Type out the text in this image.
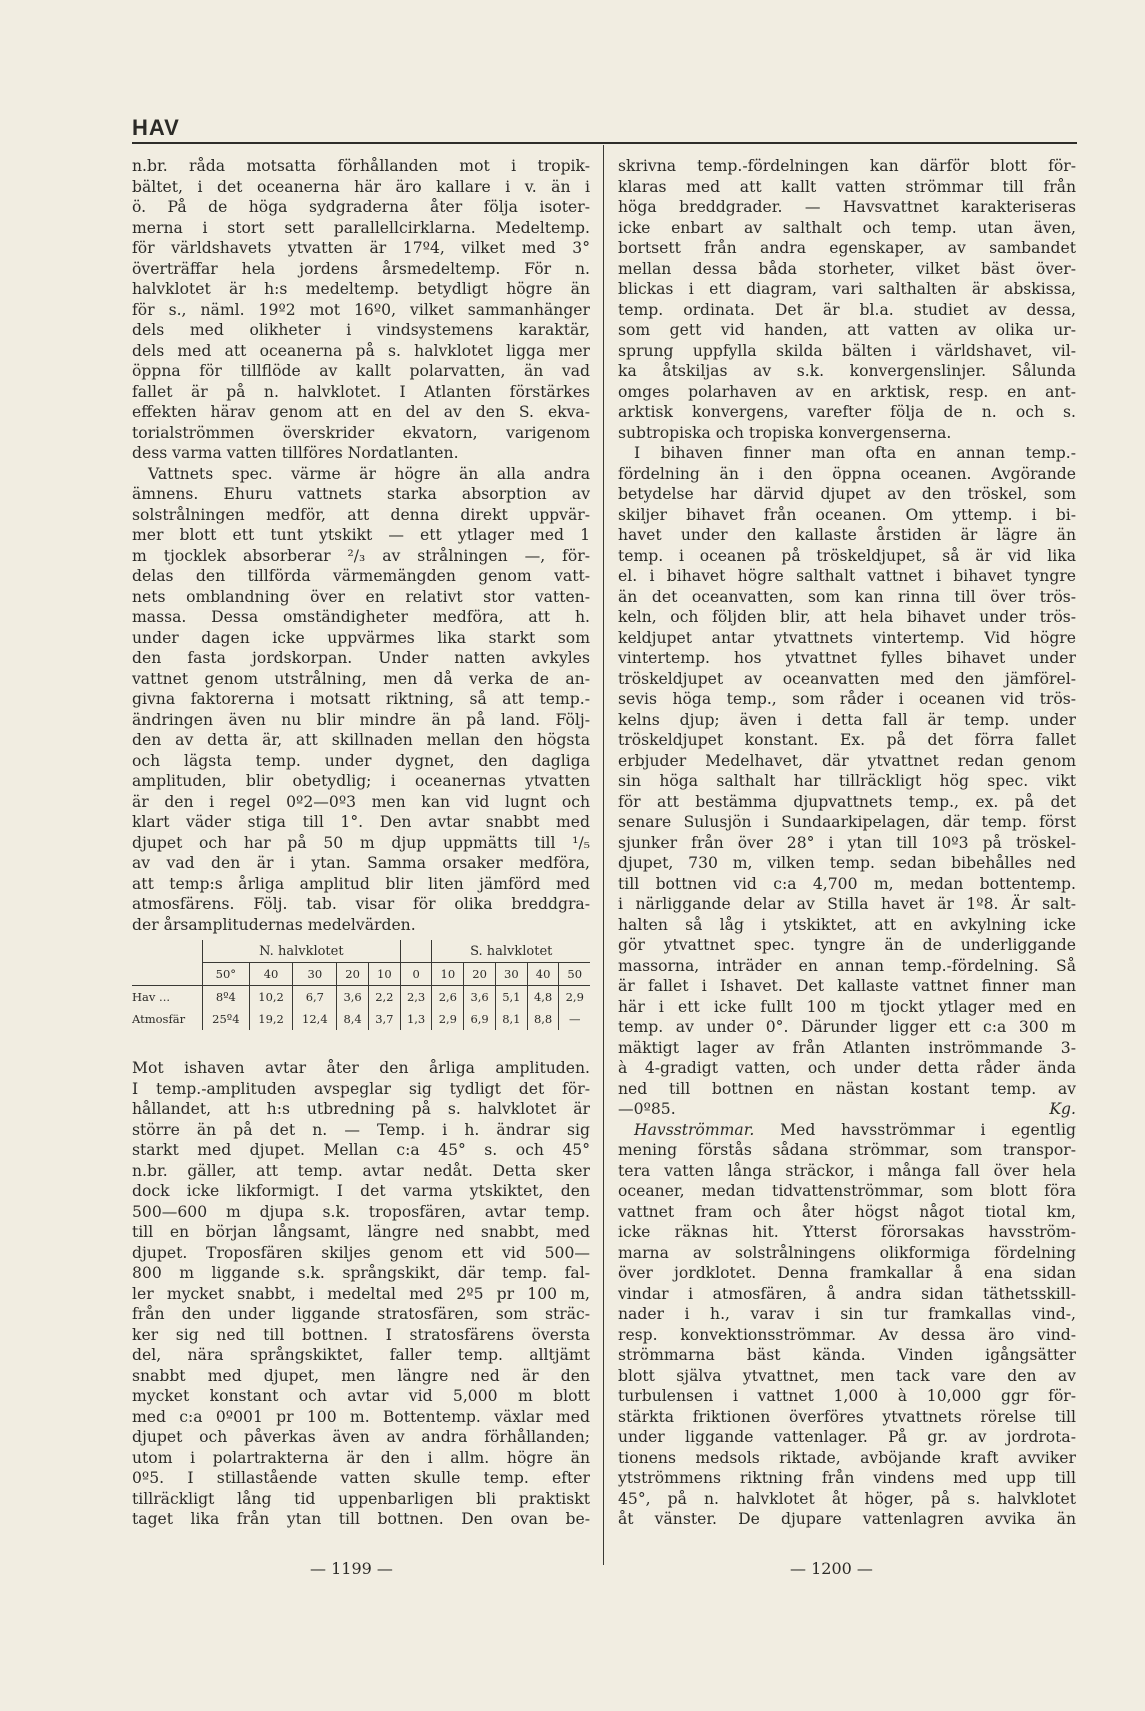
HAV
n.br. råda motsatta förhållanden mot i tropik-
bältet, i det oceanerna här äro kallare i v. än i
ö. På de höga sydgraderna åter följa isoter-
merna i stort sett parallellcirklarna. Medeltemp.
för världshavets ytvatten är 17º4, vilket med 3°
överträffar hela jordens årsmedeltemp. För n.
halvklotet är h:s medeltemp. betydligt högre än
för s., näml. 19º2 mot 16º0, vilket sammanhänger
dels med olikheter i vindsystemens karaktär,
dels med att oceanerna på s. halvklotet ligga mer
öppna för tillflöde av kallt polarvatten, än vad
fallet är på n. halvklotet. I Atlanten förstärkes
effekten härav genom att en del av den S. ekva-
torialströmmen överskrider ekvatorn, varigenom
dess varma vatten tillföres Nordatlanten.
Vattnets spec. värme är högre än alla andra
ämnens. Ehuru vattnets starka absorption av
solstrålningen medför, att denna direkt uppvär-
mer blott ett tunt ytskikt — ett ytlager med 1
m tjocklek absorberar ²/₃ av strålningen —, för-
delas den tillförda värmemängden genom vatt-
nets omblandning över en relativt stor vatten-
massa. Dessa omständigheter medföra, att h.
under dagen icke uppvärmes lika starkt som
den fasta jordskorpan. Under natten avkyles
vattnet genom utstrålning, men då verka de an-
givna faktorerna i motsatt riktning, så att temp.-
ändringen även nu blir mindre än på land. Följ-
den av detta är, att skillnaden mellan den högsta
och lägsta temp. under dygnet, den dagliga
amplituden, blir obetydlig; i oceanernas ytvatten
är den i regel 0º2—0º3 men kan vid lugnt och
klart väder stiga till 1°. Den avtar snabbt med
djupet och har på 50 m djup uppmätts till ¹/₅
av vad den är i ytan. Samma orsaker medföra,
att temp:s årliga amplitud blir liten jämförd med
atmosfärens. Följ. tab. visar för olika breddgra-
der årsamplitudernas medelvärden.
	N. halvklotet						S. halvklotet				
	50°	40	30	20	10	0	10	20	30	40	50
Hav ...	8º4	10,2	6,7	3,6	2,2	2,3	2,6	3,6	5,1	4,8	2,9
Atmosfär	25º4	19,2	12,4	8,4	3,7	1,3	2,9	6,9	8,1	8,8	—
Mot ishaven avtar åter den årliga amplituden.
I temp.-amplituden avspeglar sig tydligt det för-
hållandet, att h:s utbredning på s. halvklotet är
större än på det n. — Temp. i h. ändrar sig
starkt med djupet. Mellan c:a 45° s. och 45°
n.br. gäller, att temp. avtar nedåt. Detta sker
dock icke likformigt. I det varma ytskiktet, den
500—600 m djupa s.k. troposfären, avtar temp.
till en början långsamt, längre ned snabbt, med
djupet. Troposfären skiljes genom ett vid 500—
800 m liggande s.k. språngskikt, där temp. fal-
ler mycket snabbt, i medeltal med 2º5 pr 100 m,
från den under liggande stratosfären, som sträc-
ker sig ned till bottnen. I stratosfärens översta
del, nära språngskiktet, faller temp. alltjämt
snabbt med djupet, men längre ned är den
mycket konstant och avtar vid 5,000 m blott
med c:a 0º001 pr 100 m. Bottentemp. växlar med
djupet och påverkas även av andra förhållanden;
utom i polartrakterna är den i allm. högre än
0º5. I stillastående vatten skulle temp. efter
tillräckligt lång tid uppenbarligen bli praktiskt
taget lika från ytan till bottnen. Den ovan be-
skrivna temp.-fördelningen kan därför blott för-
klaras med att kallt vatten strömmar till från
höga breddgrader. — Havsvattnet karakteriseras
icke enbart av salthalt och temp. utan även,
bortsett från andra egenskaper, av sambandet
mellan dessa båda storheter, vilket bäst över-
blickas i ett diagram, vari salthalten är abskissa,
temp. ordinata. Det är bl.a. studiet av dessa,
som gett vid handen, att vatten av olika ur-
sprung uppfylla skilda bälten i världshavet, vil-
ka åtskiljas av s.k. konvergenslinjer. Sålunda
omges polarhaven av en arktisk, resp. en ant-
arktisk konvergens, varefter följa de n. och s.
subtropiska och tropiska konvergenserna.
I bihaven finner man ofta en annan temp.-
fördelning än i den öppna oceanen. Avgörande
betydelse har därvid djupet av den tröskel, som
skiljer bihavet från oceanen. Om yttemp. i bi-
havet under den kallaste årstiden är lägre än
temp. i oceanen på tröskeldjupet, så är vid lika
el. i bihavet högre salthalt vattnet i bihavet tyngre
än det oceanvatten, som kan rinna till över trös-
keln, och följden blir, att hela bihavet under trös-
keldjupet antar ytvattnets vintertemp. Vid högre
vintertemp. hos ytvattnet fylles bihavet under
tröskeldjupet av oceanvatten med den jämförel-
sevis höga temp., som råder i oceanen vid trös-
kelns djup; även i detta fall är temp. under
tröskeldjupet konstant. Ex. på det förra fallet
erbjuder Medelhavet, där ytvattnet redan genom
sin höga salthalt har tillräckligt hög spec. vikt
för att bestämma djupvattnets temp., ex. på det
senare Sulusjön i Sundaarkipelagen, där temp. först
sjunker från över 28° i ytan till 10º3 på tröskel-
djupet, 730 m, vilken temp. sedan bibehålles ned
till bottnen vid c:a 4,700 m, medan bottentemp.
i närliggande delar av Stilla havet är 1º8. Är salt-
halten så låg i ytskiktet, att en avkylning icke
gör ytvattnet spec. tyngre än de underliggande
massorna, inträder en annan temp.-fördelning. Så
är fallet i Ishavet. Det kallaste vattnet finner man
här i ett icke fullt 100 m tjockt ytlager med en
temp. av under 0°. Därunder ligger ett c:a 300 m
mäktigt lager av från Atlanten inströmmande 3-
à 4-gradigt vatten, och under detta råder ända
ned till bottnen en nästan kostant temp. av
—0º85.	Kg.
Havsströmmar. Med havsströmmar i egentlig
mening förstås sådana strömmar, som transpor-
tera vatten långa sträckor, i många fall över hela
oceaner, medan tidvattenströmmar, som blott föra
vattnet fram och åter högst något tiotal km,
icke räknas hit. Ytterst förorsakas havsström-
marna av solstrålningens olikformiga fördelning
över jordklotet. Denna framkallar å ena sidan
vindar i atmosfären, å andra sidan täthetsskill-
nader i h., varav i sin tur framkallas vind-,
resp. konvektionsströmmar. Av dessa äro vind-
strömmarna bäst kända. Vinden igångsätter
blott själva ytvattnet, men tack vare den av
turbulensen i vattnet 1,000 à 10,000 ggr för-
stärkta friktionen överföres ytvattnets rörelse till
under liggande vattenlager. På gr. av jordrota-
tionens medsols riktade, avböjande kraft avviker
ytströmmens riktning från vindens med upp till
45°, på n. halvklotet åt höger, på s. halvklotet
åt vänster. De djupare vattenlagren avvika än
— 1199 —	— 1200 —
